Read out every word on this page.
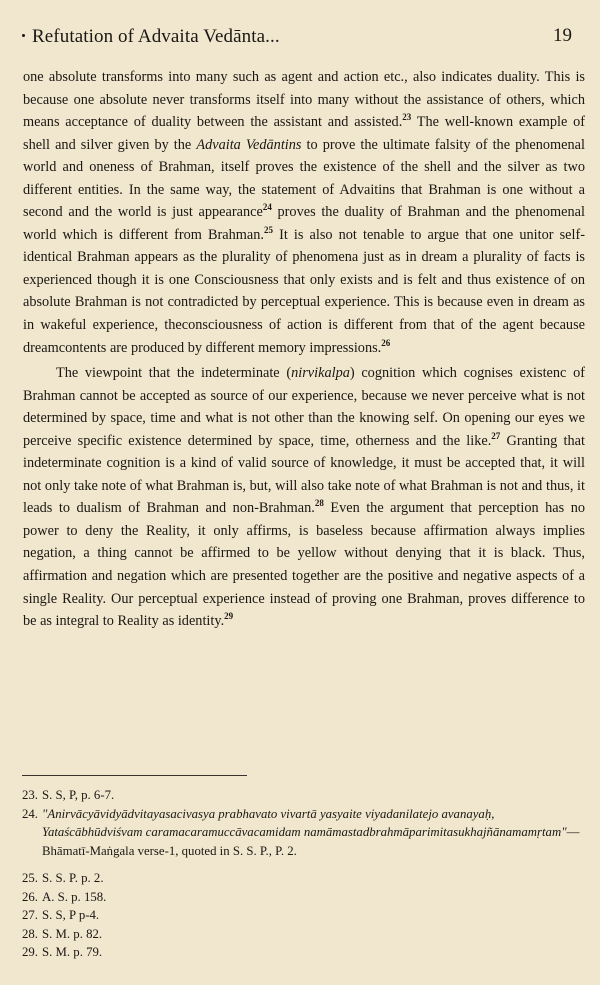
Refutation of Advaita Vedānta...	19

one absolute transforms into many such as agent and action etc., also indicates duality. This is because one absolute never transforms itself into many without the assistance of others, which means acceptance of duality between the assistant and assisted.$^{23}$ The well-known example of shell and silver given by the Advaita Vedāntins to prove the ultimate falsity of the phenomenal world and oneness of Brahman, itself proves the existence of the shell and the silver as two different entities. In the same way, the statement of Advaitins that Brahman is one without a second and the world is just appearance$^{24}$ proves the duality of Brahman and the phenomenal world which is different from Brahman.$^{25}$ It is also not tenable to argue that one unitor self-identical Brahman appears as the plurality of phenomena just as in dream a plurality of facts is experienced though it is one Consciousness that only exists and is felt and thus existence of on absolute Brahman is not contradicted by perceptual experience. This is because even in dream as in wakeful experience, theconsciousness of action is different from that of the agent because dreamcontents are produced by different memory impressions.$^{26}$

The viewpoint that the indeterminate (nirvikalpa) cognition which cognises existenc of Brahman cannot be accepted as source of our experience, because we never perceive what is not determined by space, time and what is not other than the knowing self. On opening our eyes we perceive specific existence determined by space, time, otherness and the like.$^{27}$ Granting that indeterminate cognition is a kind of valid source of knowledge, it must be accepted that, it will not only take note of what Brahman is, but, will also take note of what Brahman is not and thus, it leads to dualism of Brahman and non-Brahman.$^{28}$ Even the argument that perception has no power to deny the Reality, it only affirms, is baseless because affirmation always implies negation, a thing cannot be affirmed to be yellow without denying that it is black. Thus, affirmation and negation which are presented together are the positive and negative aspects of a single Reality. Our perceptual experience instead of proving one Brahman, proves difference to be as integral to Reality as identity.$^{29}$

23. S. S, P, p. 6-7.
24. "Anirvācyāvidyādvitayasacivasya prabhavato vivartā yasyaite viyadanilatejo avanayaḥ, Yataścābhūdviśvam caramacaramuccāvacamidam namāmastadbrahmāparimitasukhajñānamamṛtam"—Bhāmatī-Maṅgala verse-1, quoted in S. S. P., P. 2.
25. S. S. P. p. 2.
26. A. S. p. 158.
27. S. S, P p-4.
28. S. M. p. 82.
29. S. M. p. 79.
